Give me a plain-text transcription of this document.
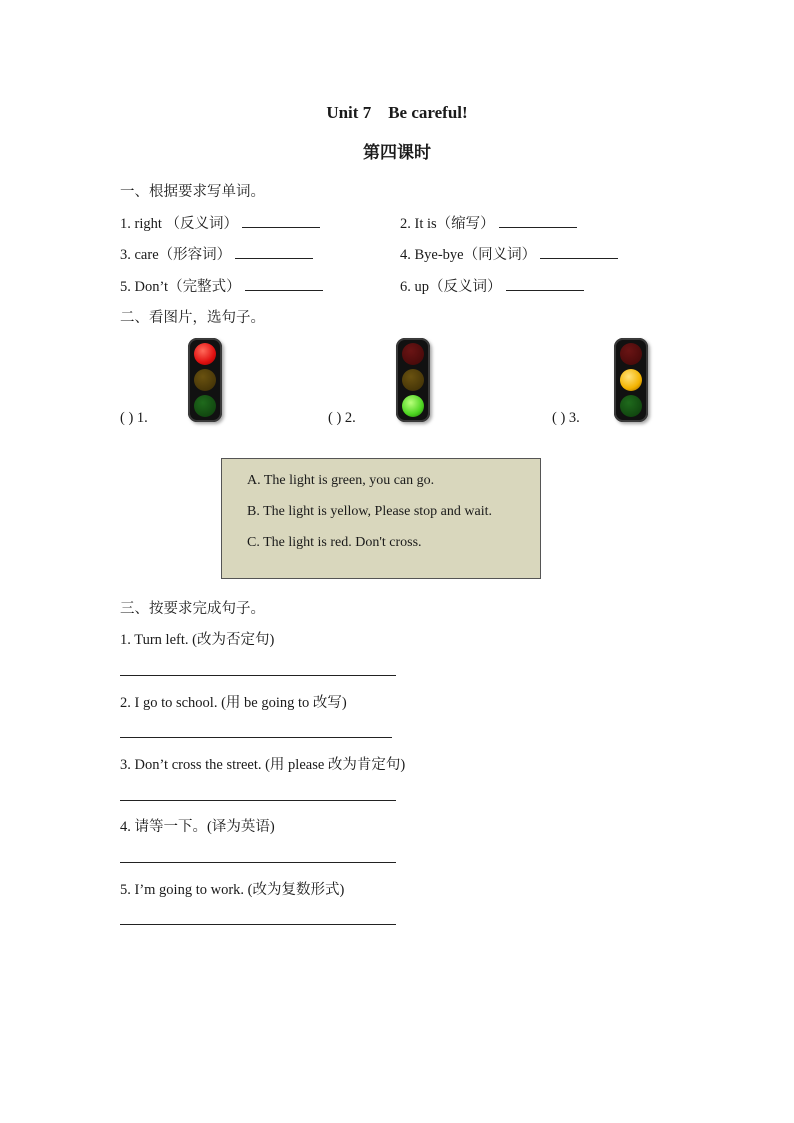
Unit 7　Be careful!
第四课时
一、根据要求写单词。
1. right （反义词）	2. It is（缩写）
3. care（形容词）	4. Bye-bye（同义词）
5. Don’t（完整式）	6. up（反义词）
二、看图片，选句子。
( ) 1.	( ) 2.	( ) 3.
A. The light is green, you can go.
B. The light is yellow, Please stop and wait.
C. The light is red. Don't cross.
三、按要求完成句子。
1. Turn left. (改为否定句)
2. I go to school. (用 be going to 改写)
3. Don’t cross the street. (用 please 改为肯定句)
4. 请等一下。(译为英语)
5. I’m going to work. (改为复数形式)
